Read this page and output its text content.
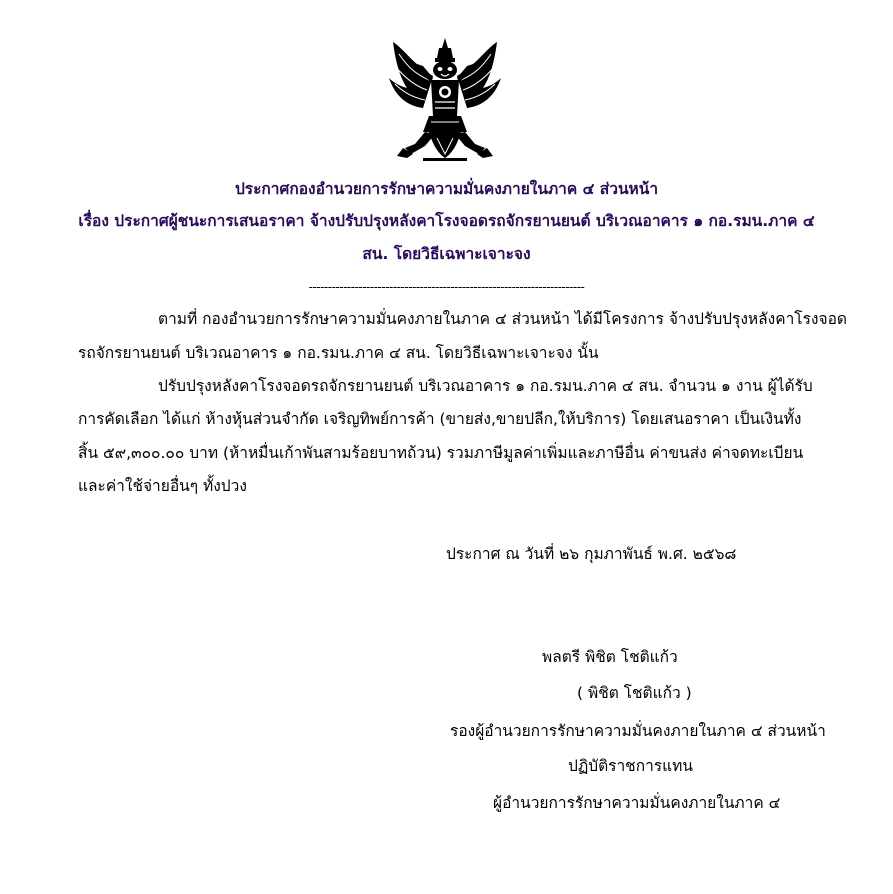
ประกาศกองอำนวยการรักษาความมั่นคงภายในภาค ๔ ส่วนหน้า
เรื่อง ประกาศผู้ชนะการเสนอราคา จ้างปรับปรุงหลังคาโรงจอดรถจักรยานยนต์ บริเวณอาคาร ๑ กอ.รมน.ภาค ๔
สน. โดยวิธีเฉพาะเจาะจง
------------------------------------------------------------------------
ตามที่ กองอำนวยการรักษาความมั่นคงภายในภาค ๔ ส่วนหน้า ได้มีโครงการ จ้างปรับปรุงหลังคาโรงจอด
รถจักรยานยนต์ บริเวณอาคาร ๑ กอ.รมน.ภาค ๔ สน. โดยวิธีเฉพาะเจาะจง นั้น
ปรับปรุงหลังคาโรงจอดรถจักรยานยนต์ บริเวณอาคาร ๑ กอ.รมน.ภาค ๔ สน. จำนวน ๑ งาน ผู้ได้รับ
การคัดเลือก ได้แก่ ห้างหุ้นส่วนจำกัด เจริญทิพย์การค้า (ขายส่ง,ขายปลีก,ให้บริการ) โดยเสนอราคา เป็นเงินทั้ง
สิ้น ๕๙,๓๐๐.๐๐ บาท (ห้าหมื่นเก้าพันสามร้อยบาทถ้วน) รวมภาษีมูลค่าเพิ่มและภาษีอื่น ค่าขนส่ง ค่าจดทะเบียน
และค่าใช้จ่ายอื่นๆ ทั้งปวง
ประกาศ ณ วันที่ ๒๖ กุมภาพันธ์ พ.ศ. ๒๕๖๘
พลตรี พิชิต โชติแก้ว
( พิชิต โชติแก้ว )
รองผู้อำนวยการรักษาความมั่นคงภายในภาค ๔ ส่วนหน้า
ปฏิบัติราชการแทน
ผู้อำนวยการรักษาความมั่นคงภายในภาค ๔
